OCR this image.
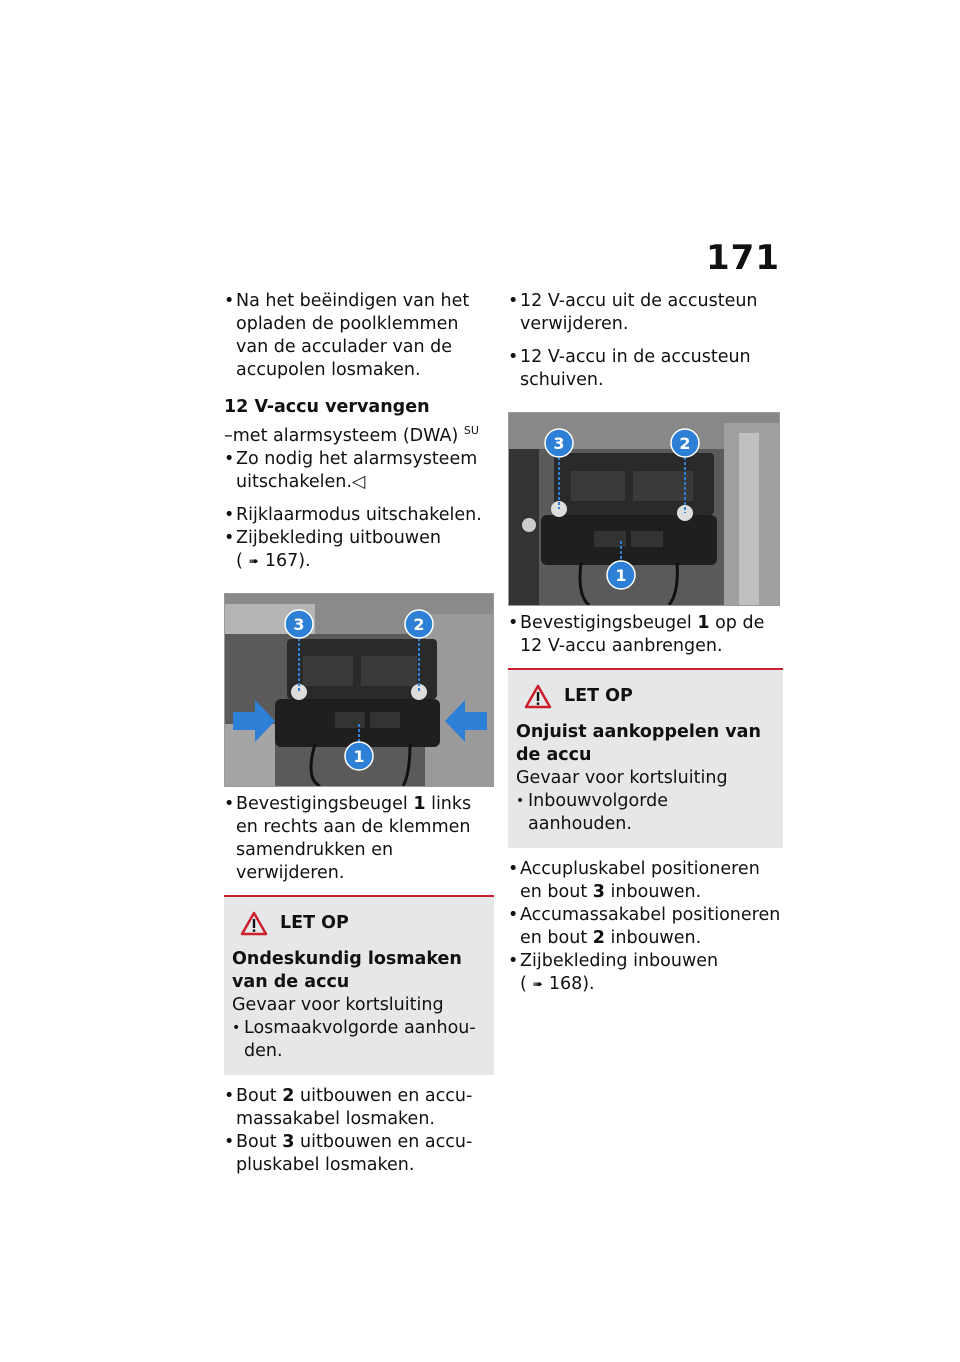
171

• Na het beëindigen van het opladen de poolklemmen van de acculader van de accupolen losmaken.

12 V-accu vervangen

–met alarmsysteem (DWA) $^{SU}$

• Zo nodig het alarmsysteem uitschakelen.◁

• Rijklaarmodus uitschakelen.

• Zijbekleding uitbouwen
( ➠ 167).

3	2
1

• Bevestigingsbeugel 1 links en rechts aan de klemmen samendrukken en verwijderen.

LET OP
Ondeskundig losmaken van de accu
Gevaar voor kortsluiting
• Losmaakvolgorde aanhouden.

• Bout 2 uitbouwen en accumassakabel losmaken.

• Bout 3 uitbouwen en accupluskabel losmaken.

• 12 V-accu uit de accusteun verwijderen.

• 12 V-accu in de accusteun schuiven.

3	2
1

• Bevestigingsbeugel 1 op de 12 V-accu aanbrengen.

LET OP
Onjuist aankoppelen van de accu
Gevaar voor kortsluiting
• Inbouwvolgorde aanhouden.

• Accupluskabel positioneren en bout 3 inbouwen.

• Accumassakabel positioneren en bout 2 inbouwen.

• Zijbekleding inbouwen
( ➠ 168).
